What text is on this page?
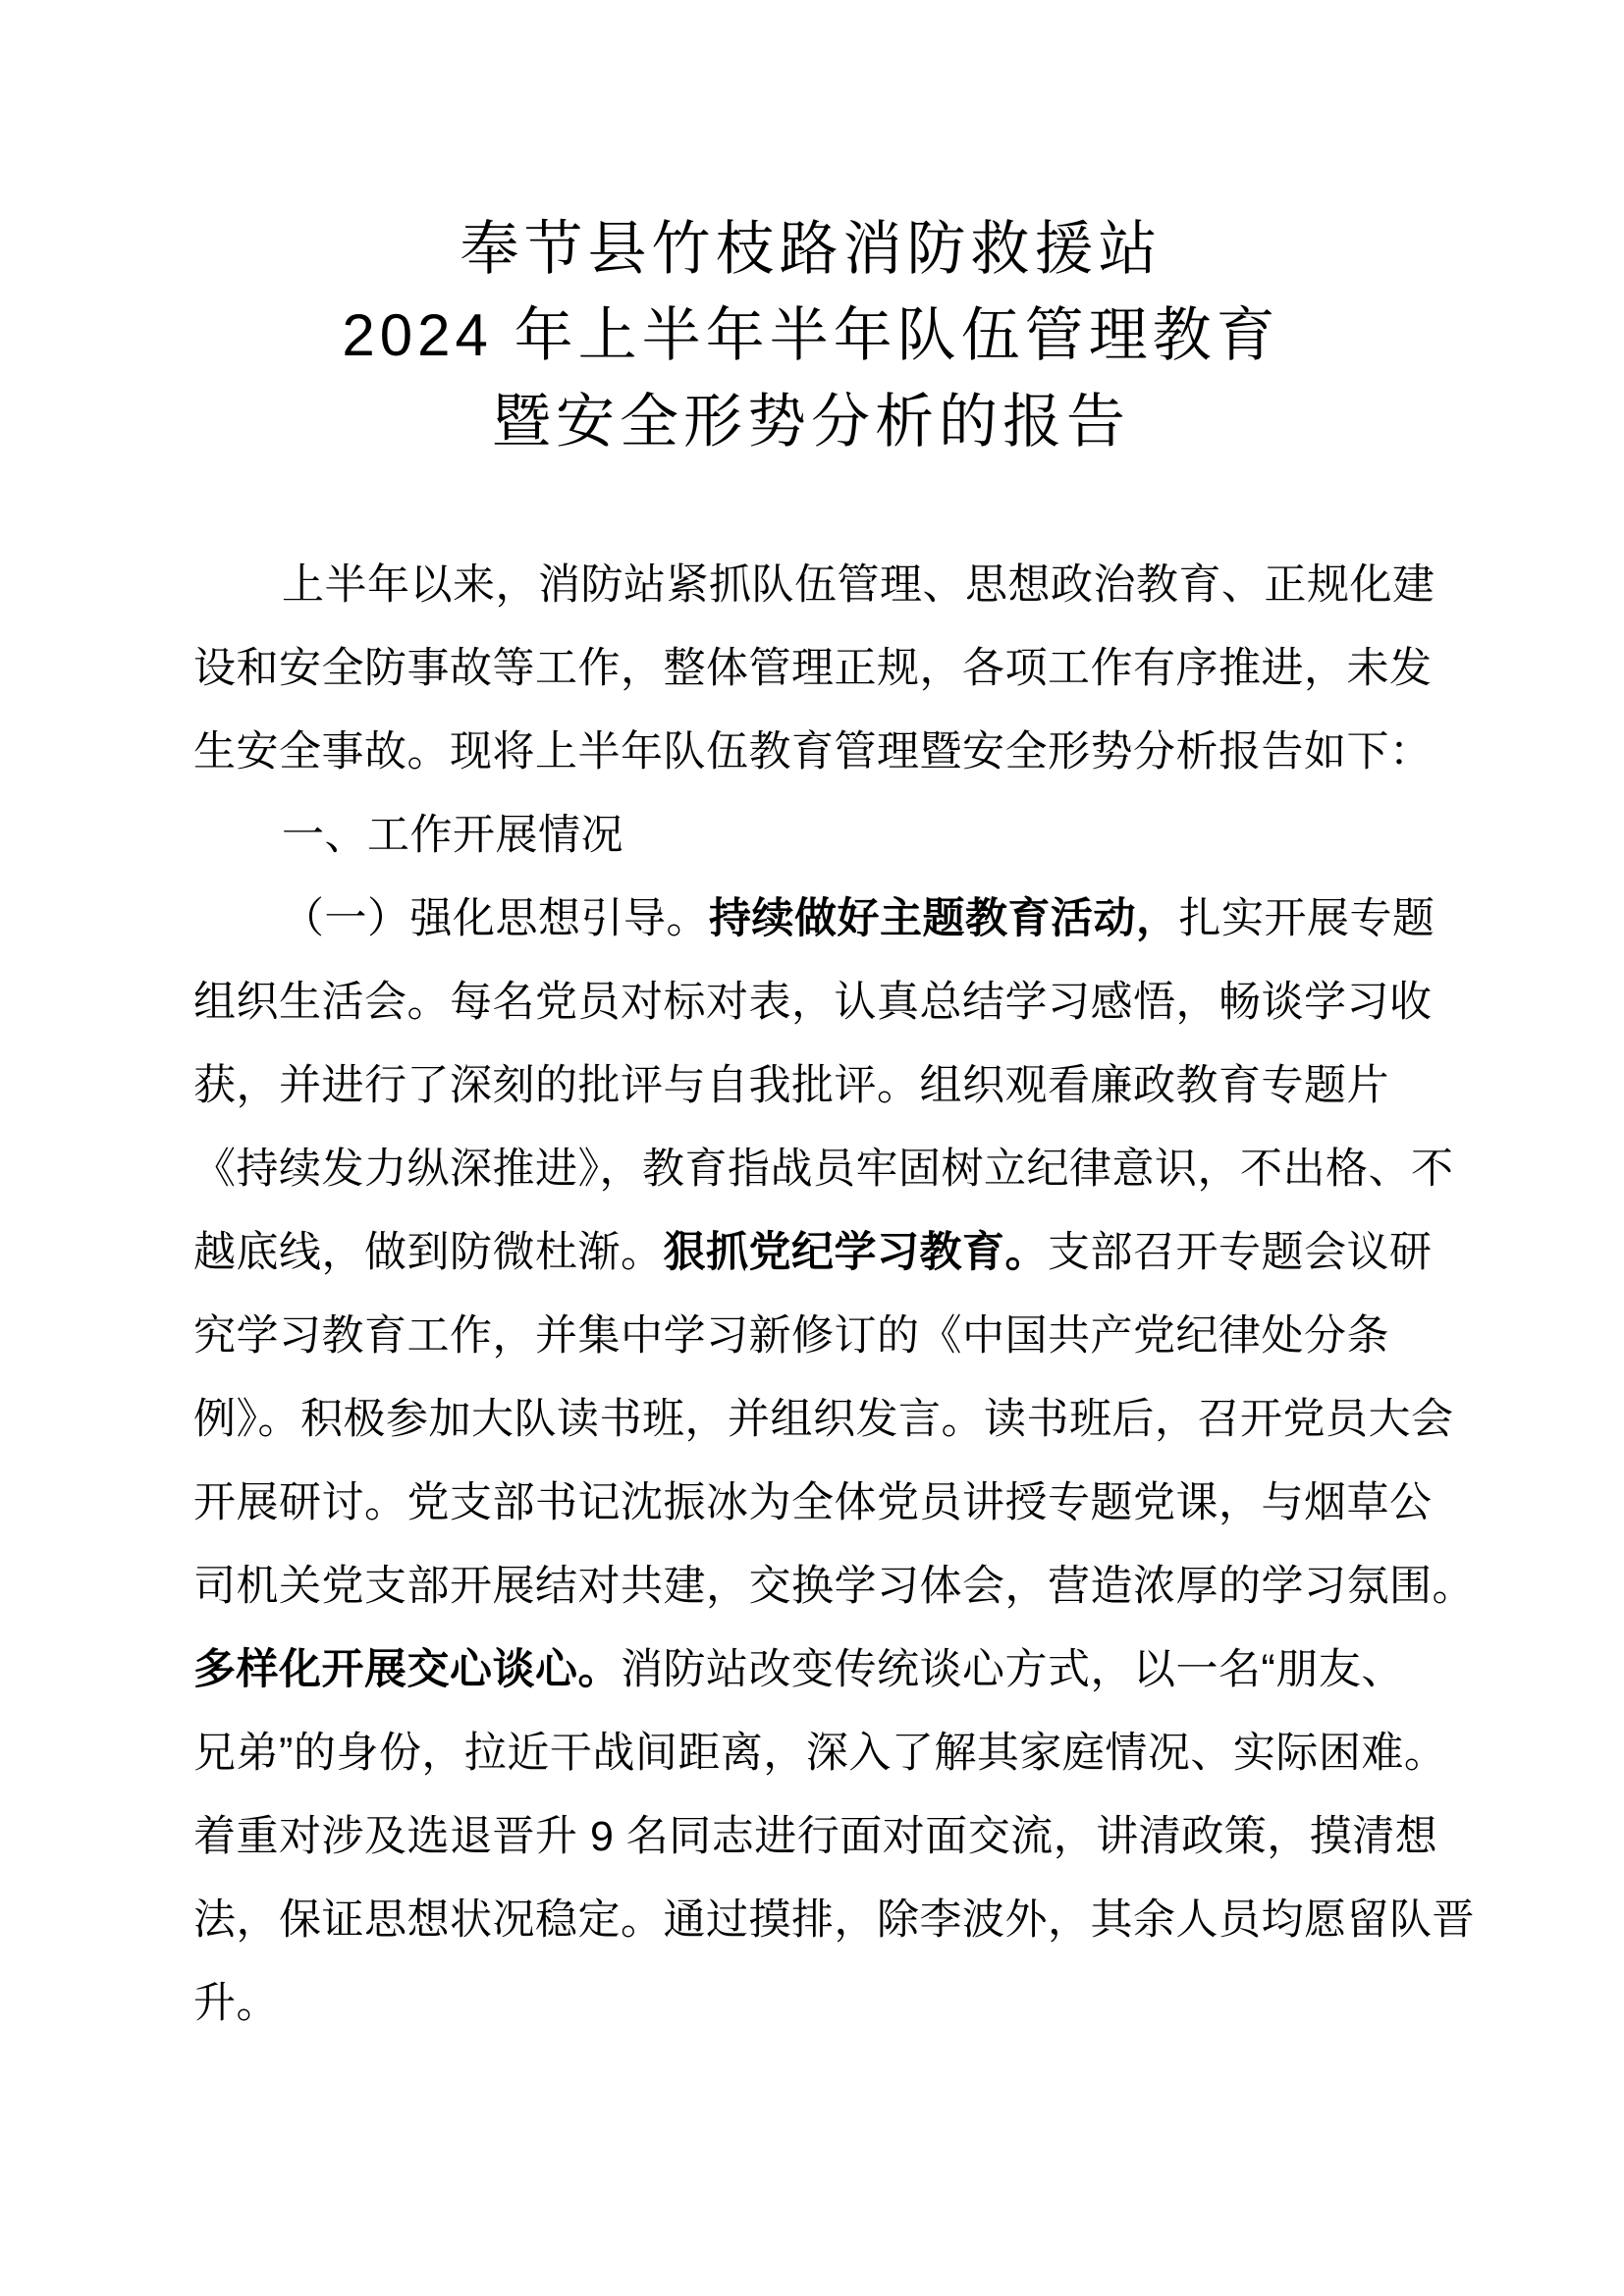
奉节县竹枝路消防救援站
2024 年上半年半年队伍管理教育
暨安全形势分析的报告
上半年以来，消防站紧抓队伍管理、思想政治教育、正规化建
设和安全防事故等工作，整体管理正规，各项工作有序推进，未发
生安全事故。现将上半年队伍教育管理暨安全形势分析报告如下：
一、工作开展情况
（一）强化思想引导。持续做好主题教育活动，扎实开展专题
组织生活会。每名党员对标对表，认真总结学习感悟，畅谈学习收
获，并进行了深刻的批评与自我批评。组织观看廉政教育专题片
《持续发力纵深推进》，教育指战员牢固树立纪律意识，不出格、不
越底线，做到防微杜渐。狠抓党纪学习教育。支部召开专题会议研
究学习教育工作，并集中学习新修订的《中国共产党纪律处分条
例》。积极参加大队读书班，并组织发言。读书班后，召开党员大会
开展研讨。党支部书记沈振冰为全体党员讲授专题党课，与烟草公
司机关党支部开展结对共建，交换学习体会，营造浓厚的学习氛围。
多样化开展交心谈心。消防站改变传统谈心方式，以一名“朋友、
兄弟”的身份，拉近干战间距离，深入了解其家庭情况、实际困难。
着重对涉及选退晋升 9 名同志进行面对面交流，讲清政策，摸清想
法，保证思想状况稳定。通过摸排，除李波外，其余人员均愿留队晋
升。
